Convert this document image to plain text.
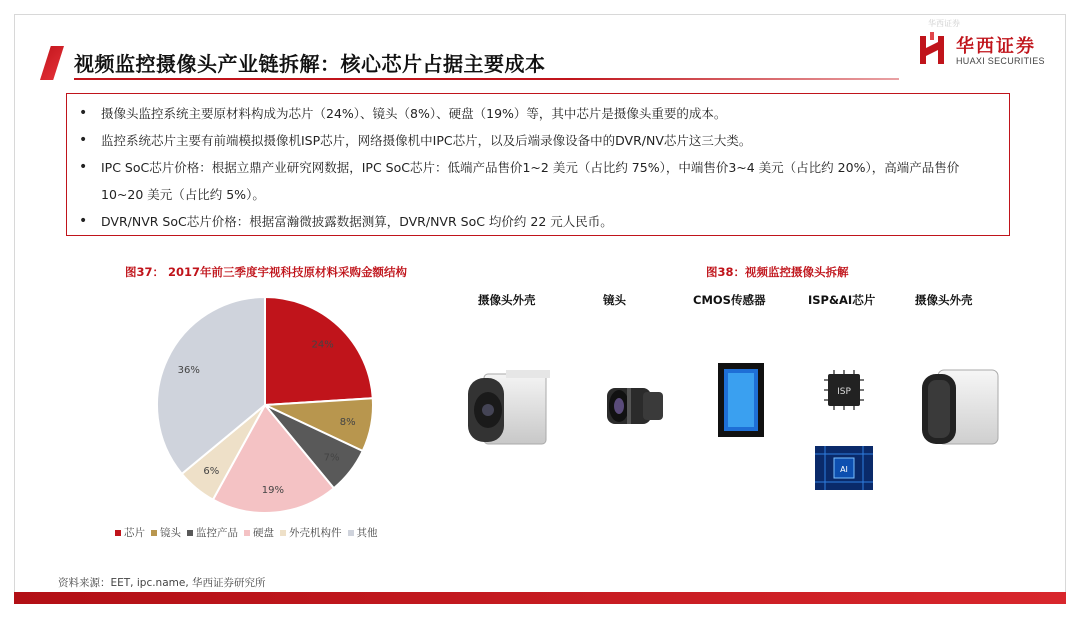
华西证券
视频监控摄像头产业链拆解：核心芯片占据主要成本
华西证券
HUAXI SECURITIES
• 摄像头监控系统主要原材料构成为芯片（24%）、镜头（8%）、硬盘（19%）等，其中芯片是摄像头重要的成本。
• 监控系统芯片主要有前端模拟摄像机ISP芯片，网络摄像机中IPC芯片，以及后端录像设备中的DVR/NV芯片这三大类。
• IPC SoC芯片价格：根据立鼎产业研究网数据，IPC SoC芯片：低端产品售价1~2 美元（占比约 75%），中端售价3~4 美元（占比约 20%），高端产品售价 10~20 美元（占比约 5%）。
• DVR/NVR SoC芯片价格：根据富瀚微披露数据测算，DVR/NVR SoC 均价约 22 元人民币。
图37： 2017年前三季度宇视科技原材料采购金额结构
24%
8%
7%
19%
6%
36%
芯片 镜头 监控产品 硬盘 外壳机构件 其他
图38：视频监控摄像头拆解
摄像头外壳	镜头	CMOS传感器	ISP&AI芯片	摄像头外壳
ISP
AI
资料来源：EET, ipc.name, 华西证券研究所
